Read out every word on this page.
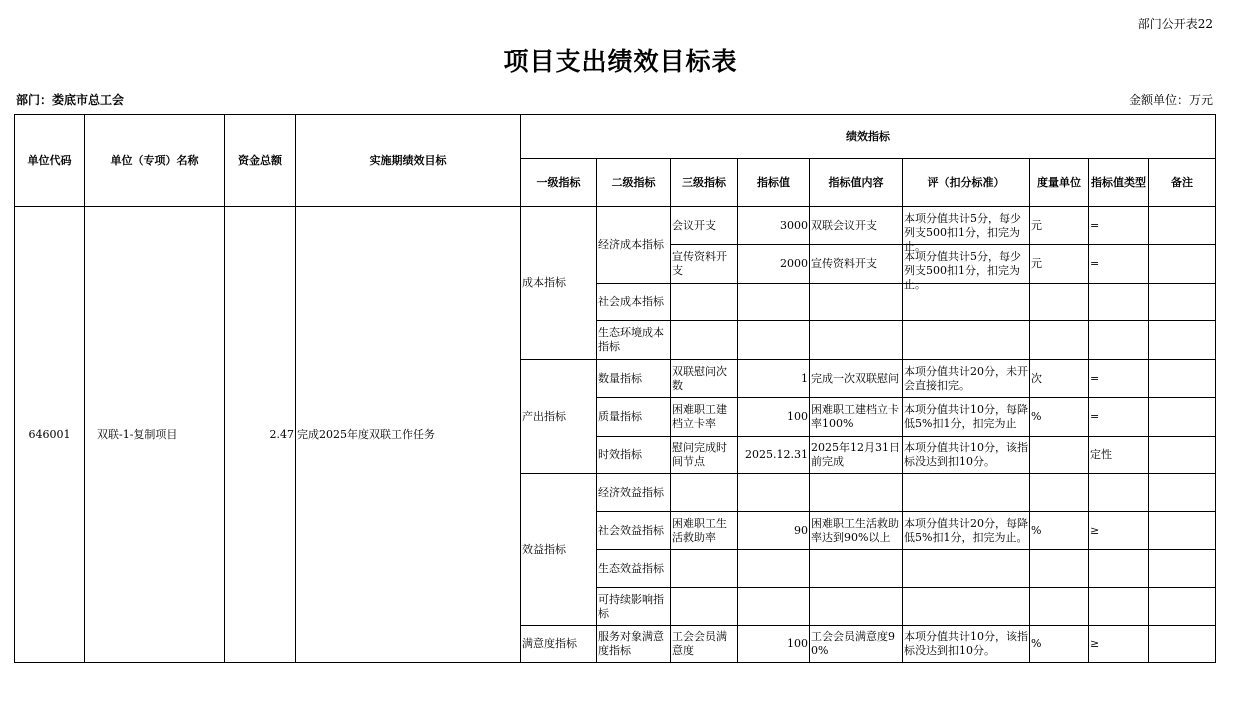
部门公开表22
项目支出绩效目标表
部门：娄底市总工会	金额单位：万元
单位代码	单位（专项）名称	资金总额	实施期绩效目标	绩效指标								
				一级指标	二级指标	三级指标	指标值	指标值内容	评（扣分标准）	度量单位	指标值类型	备注
646001	双联-1-复制项目	2.47	完成2025年度双联工作任务	成本指标	经济成本指标	会议开支	3000	双联会议开支	本项分值共计5分，每少列支500扣1分，扣完为止。	元	=	
						宣传资料开支	2000	宣传资料开支	本项分值共计5分，每少列支500扣1分，扣完为止。	元	=	
					社会成本指标							
					生态环境成本指标							
				产出指标	数量指标	双联慰问次数	1	完成一次双联慰问	本项分值共计20分，未开会直接扣完。	次	=	
					质量指标	困难职工建档立卡率	100	困难职工建档立卡率100%	本项分值共计10分，每降低5%扣1分，扣完为止	%	=	
					时效指标	慰问完成时间节点	2025.12.31	2025年12月31日前完成	本项分值共计10分，该指标没达到扣10分。		定性	
				效益指标	经济效益指标							
					社会效益指标	困难职工生活救助率	90	困难职工生活救助率达到90%以上	本项分值共计20分，每降低5%扣1分，扣完为止。	%	≥	
					生态效益指标							
					可持续影响指标							
				满意度指标	服务对象满意度指标	工会会员满意度	100	工会会员满意度90%	本项分值共计10分，该指标没达到扣10分。	%	≥	
